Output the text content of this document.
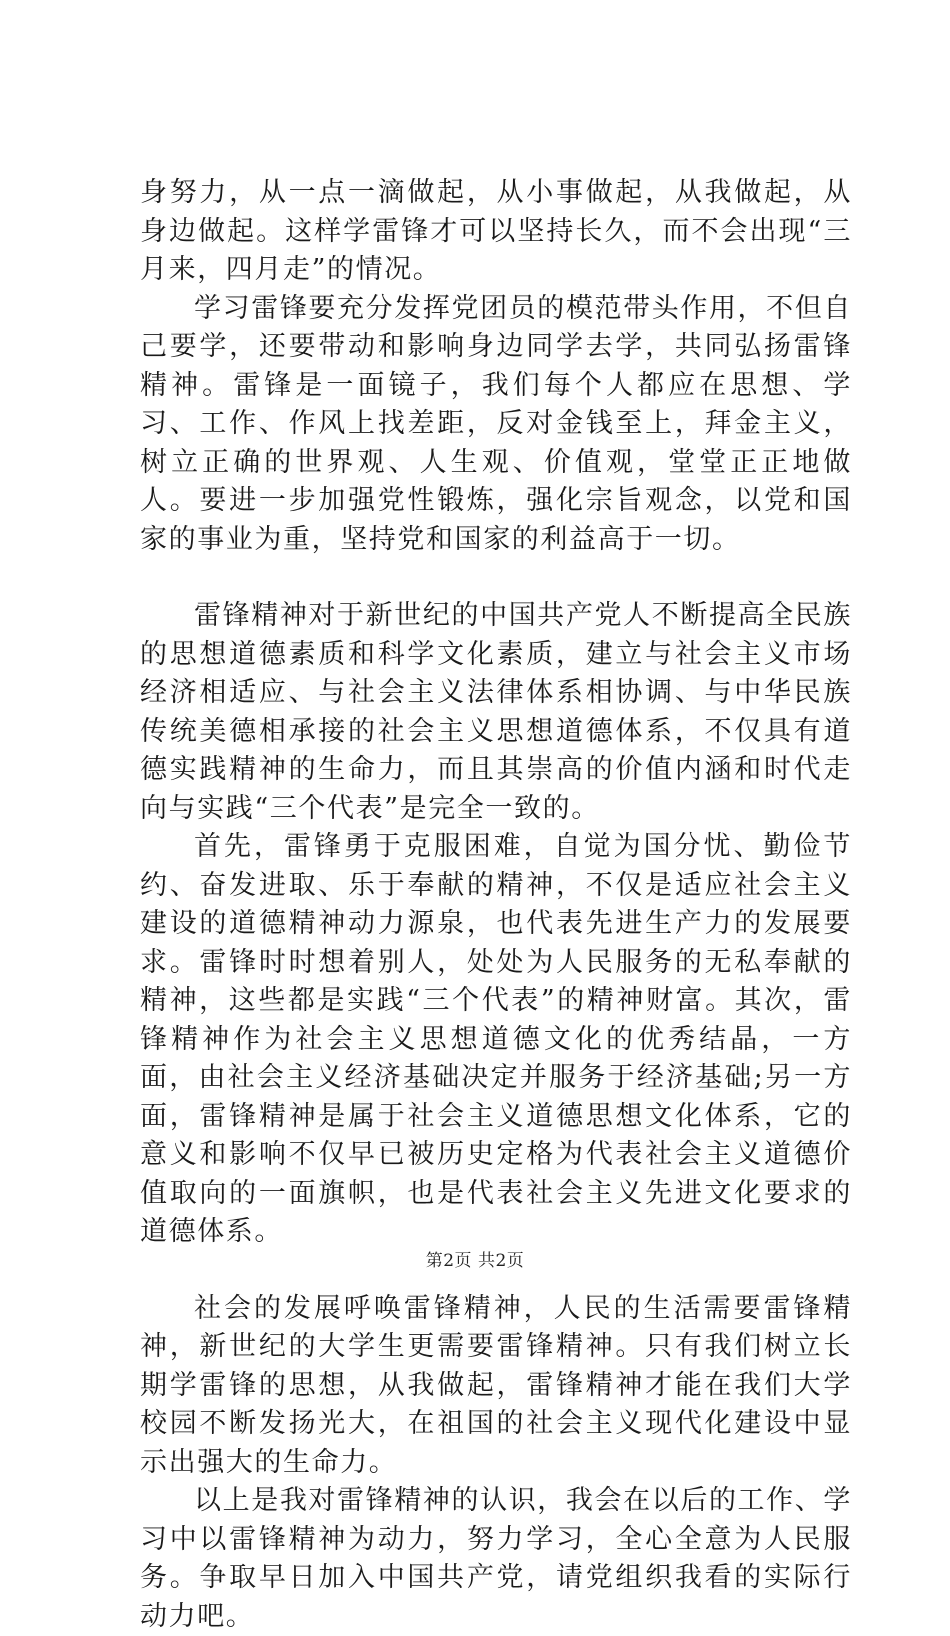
身努力，从一点一滴做起，从小事做起，从我做起，从身边做起。这样学雷锋才可以坚持长久，而不会出现“三月来，四月走”的情况。

学习雷锋要充分发挥党团员的模范带头作用，不但自己要学，还要带动和影响身边同学去学，共同弘扬雷锋精神。雷锋是一面镜子，我们每个人都应在思想、学习、工作、作风上找差距，反对金钱至上，拜金主义，树立正确的世界观、人生观、价值观，堂堂正正地做人。要进一步加强党性锻炼，强化宗旨观念，以党和国家的事业为重，坚持党和国家的利益高于一切。

雷锋精神对于新世纪的中国共产党人不断提高全民族的思想道德素质和科学文化素质，建立与社会主义市场经济相适应、与社会主义法律体系相协调、与中华民族传统美德相承接的社会主义思想道德体系，不仅具有道德实践精神的生命力，而且其崇高的价值内涵和时代走向与实践“三个代表”是完全一致的。

首先，雷锋勇于克服困难，自觉为国分忧、勤俭节约、奋发进取、乐于奉献的精神，不仅是适应社会主义建设的道德精神动力源泉，也代表先进生产力的发展要求。雷锋时时想着别人，处处为人民服务的无私奉献的精神，这些都是实践“三个代表”的精神财富。其次，雷锋精神作为社会主义思想道德文化的优秀结晶，一方面，由社会主义经济基础决定并服务于经济基础;另一方面，雷锋精神是属于社会主义道德思想文化体系，它的意义和影响不仅早已被历史定格为代表社会主义道德价值取向的一面旗帜，也是代表社会主义先进文化要求的道德体系。

社会的发展呼唤雷锋精神，人民的生活需要雷锋精神，新世纪的大学生更需要雷锋精神。只有我们树立长期学雷锋的思想，从我做起，雷锋精神才能在我们大学校园不断发扬光大，在祖国的社会主义现代化建设中显示出强大的生命力。

以上是我对雷锋精神的认识，我会在以后的工作、学习中以雷锋精神为动力，努力学习，全心全意为人民服务。争取早日加入中国共产党，请党组织我看的实际行动力吧。

第2页 共2页
